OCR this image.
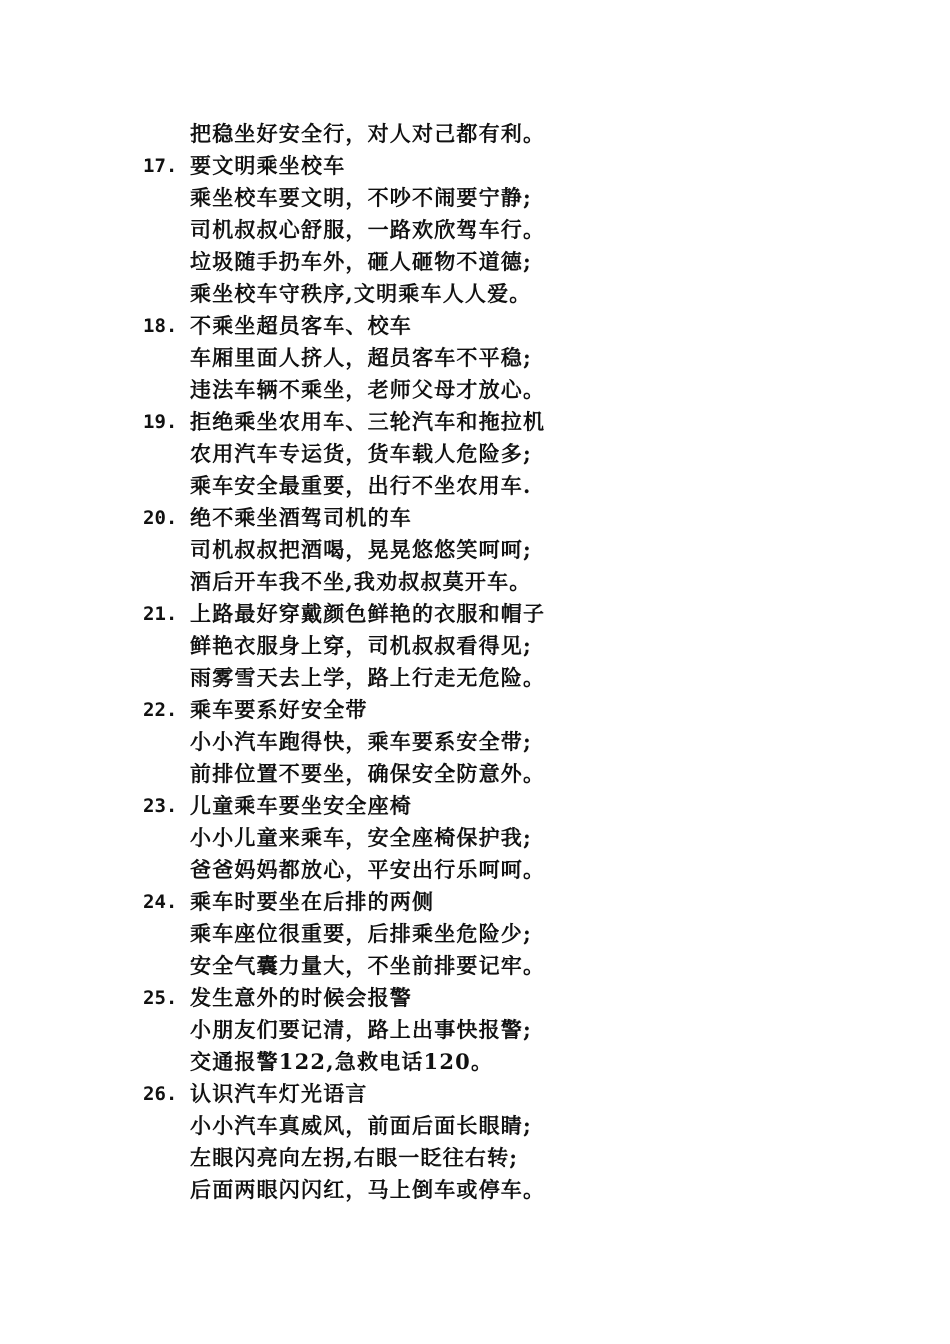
把稳坐好安全行，对人对己都有利。
17. 要文明乘坐校车
乘坐校车要文明，不吵不闹要宁静;
司机叔叔心舒服，一路欢欣驾车行。
垃圾随手扔车外，砸人砸物不道德;
乘坐校车守秩序,文明乘车人人爱。
18. 不乘坐超员客车、校车
车厢里面人挤人，超员客车不平稳;
违法车辆不乘坐，老师父母才放心。
19. 拒绝乘坐农用车、三轮汽车和拖拉机
农用汽车专运货，货车载人危险多;
乘车安全最重要，出行不坐农用车.
20. 绝不乘坐酒驾司机的车
司机叔叔把酒喝，晃晃悠悠笑呵呵;
酒后开车我不坐,我劝叔叔莫开车。
21. 上路最好穿戴颜色鲜艳的衣服和帽子
鲜艳衣服身上穿，司机叔叔看得见;
雨雾雪天去上学，路上行走无危险。
22. 乘车要系好安全带
小小汽车跑得快，乘车要系安全带;
前排位置不要坐，确保安全防意外。
23. 儿童乘车要坐安全座椅
小小儿童来乘车，安全座椅保护我;
爸爸妈妈都放心，平安出行乐呵呵。
24. 乘车时要坐在后排的两侧
乘车座位很重要，后排乘坐危险少;
安全气囊力量大，不坐前排要记牢。
25. 发生意外的时候会报警
小朋友们要记清，路上出事快报警;
交通报警122,急救电话120。
26. 认识汽车灯光语言
小小汽车真威风，前面后面长眼睛;
左眼闪亮向左拐,右眼一眨往右转;
后面两眼闪闪红，马上倒车或停车。
